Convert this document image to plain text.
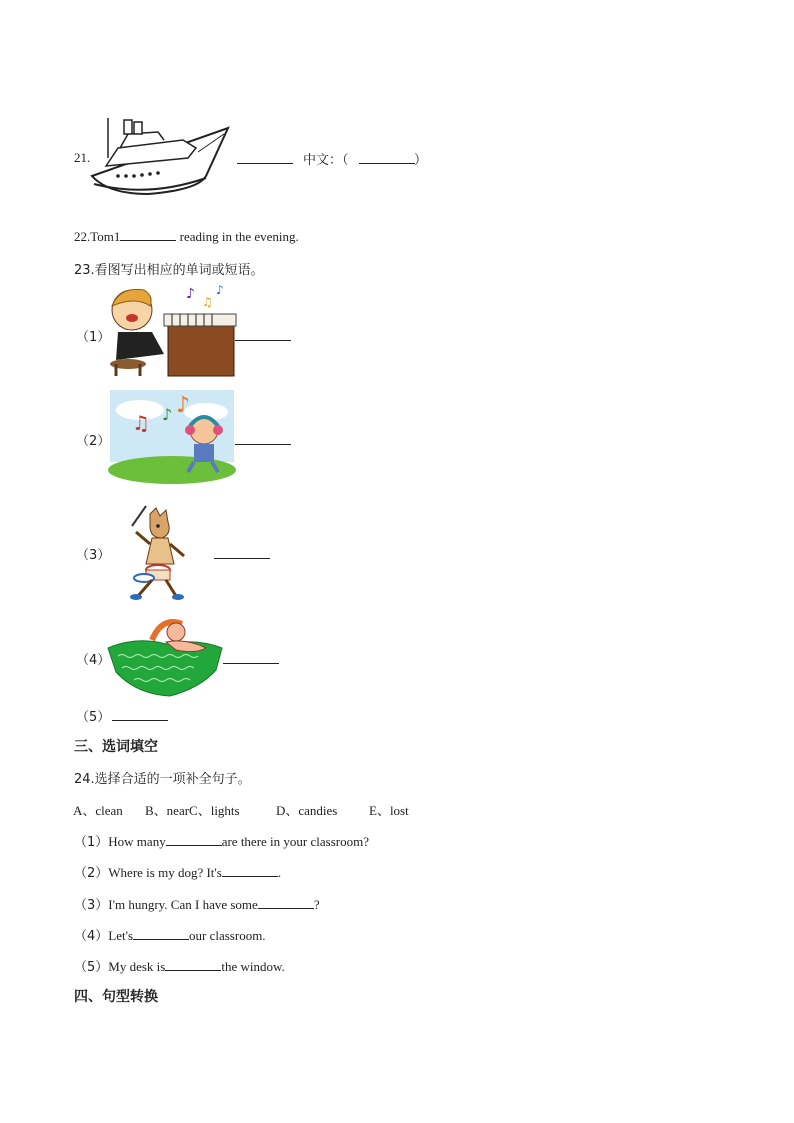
21.	中文：（	）
22.Tom1	reading in the evening.
23.看图写出相应的单词或短语。
（1）
♪ ♫
♪
（2）
♫ ♪ ♪
（3）
（4）
（5）
三、选词填空
24.选择合适的一项补全句子。
A、clean B、nearC、lights	D、candies E、lost
（1）How many	are there in your classroom?
（2）Where is my dog? It's	.
（3）I'm hungry. Can I have some	?
（4）Let's	our classroom.
（5）My desk is	the window.
四、句型转换
